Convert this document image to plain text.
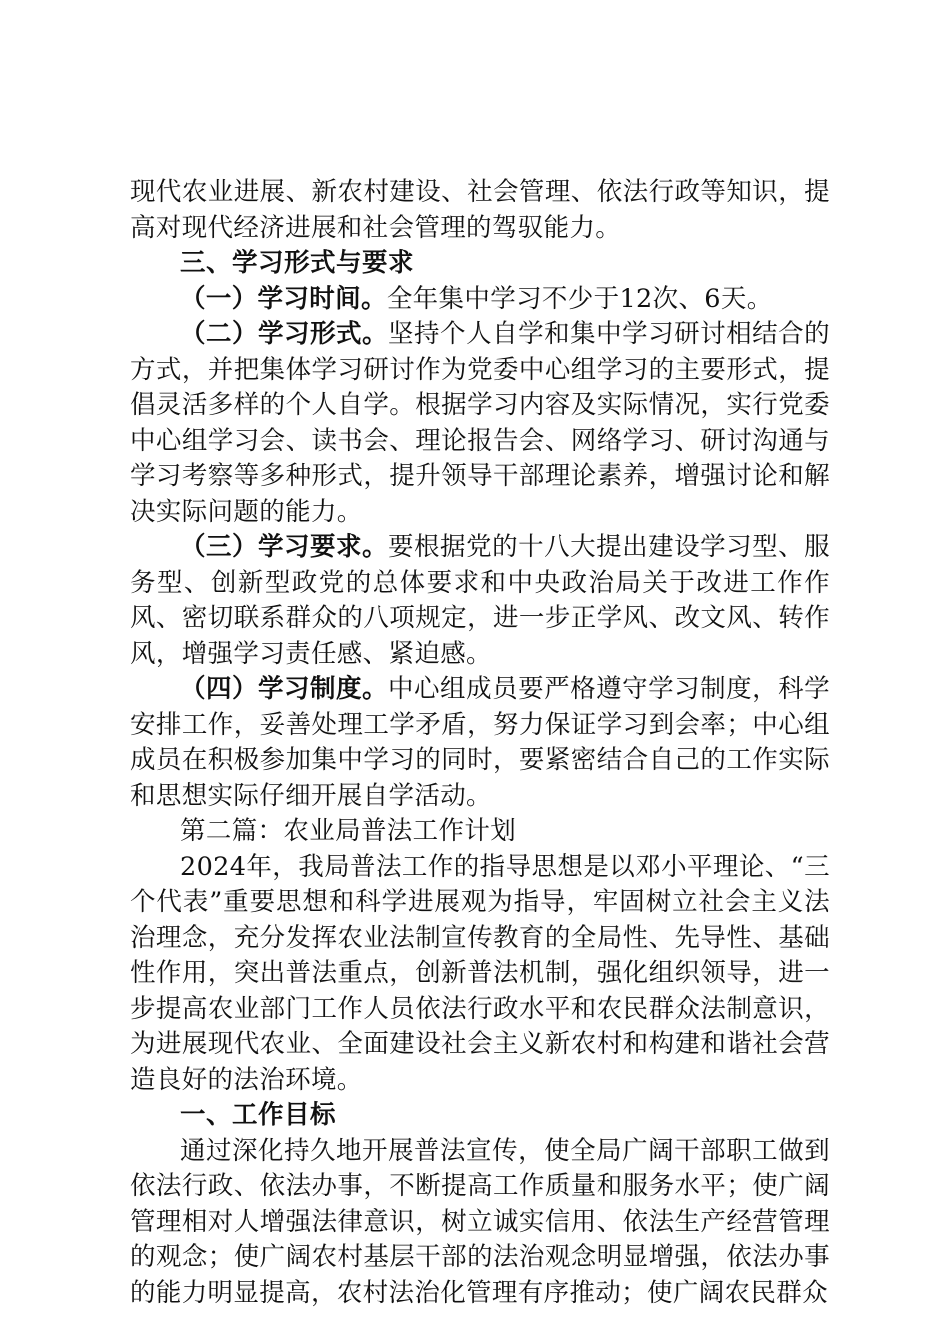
现代农业进展、新农村建设、社会管理、依法行政等知识，提高对现代经济进展和社会管理的驾驭能力。

三、学习形式与要求

（一）学习时间。全年集中学习不少于12次、6天。

（二）学习形式。坚持个人自学和集中学习研讨相结合的方式，并把集体学习研讨作为党委中心组学习的主要形式，提倡灵活多样的个人自学。根据学习内容及实际情况，实行党委中心组学习会、读书会、理论报告会、网络学习、研讨沟通与学习考察等多种形式，提升领导干部理论素养，增强讨论和解决实际问题的能力。

（三）学习要求。要根据党的十八大提出建设学习型、服务型、创新型政党的总体要求和中央政治局关于改进工作作风、密切联系群众的八项规定，进一步正学风、改文风、转作风，增强学习责任感、紧迫感。

（四）学习制度。中心组成员要严格遵守学习制度，科学安排工作，妥善处理工学矛盾，努力保证学习到会率；中心组成员在积极参加集中学习的同时，要紧密结合自己的工作实际和思想实际仔细开展自学活动。

第二篇：农业局普法工作计划

2024年，我局普法工作的指导思想是以邓小平理论、“三个代表”重要思想和科学进展观为指导，牢固树立社会主义法治理念，充分发挥农业法制宣传教育的全局性、先导性、基础性作用，突出普法重点，创新普法机制，强化组织领导，进一步提高农业部门工作人员依法行政水平和农民群众法制意识，为进展现代农业、全面建设社会主义新农村和构建和谐社会营造良好的法治环境。

一、工作目标

通过深化持久地开展普法宣传，使全局广阔干部职工做到依法行政、依法办事，不断提高工作质量和服务水平；使广阔管理相对人增强法律意识，树立诚实信用、依法生产经营管理的观念；使广阔农村基层干部的法治观念明显增强，依法办事的能力明显提高，农村法治化管理有序推动；使广阔农民群众
